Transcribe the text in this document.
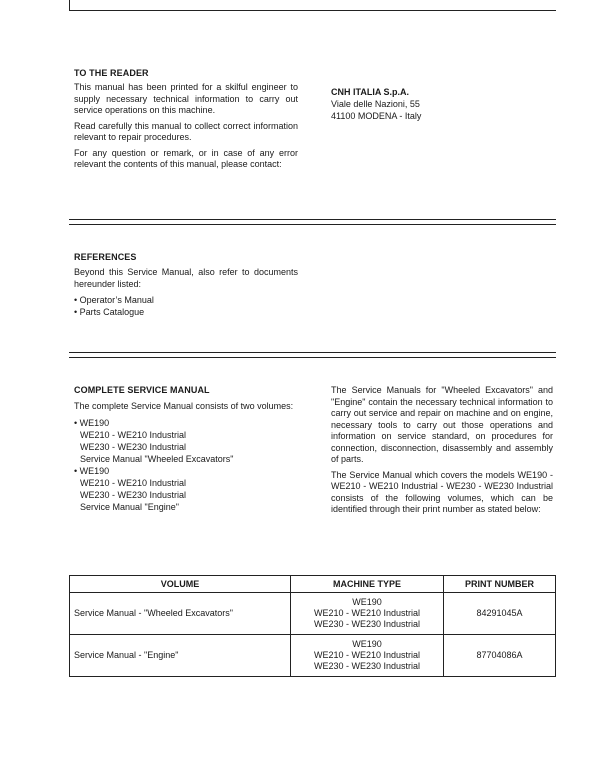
TO THE READER

This manual has been printed for a skilful engineer to supply necessary technical information to carry out service operations on this machine.

Read carefully this manual to collect correct information relevant to repair procedures.

For any question or remark, or in case of any error relevant the contents of this manual, please contact:

CNH ITALIA S.p.A.
Viale delle Nazioni, 55
41100 MODENA - Italy
REFERENCES

Beyond this Service Manual, also refer to documents hereunder listed:

• Operator’s Manual
• Parts Catalogue
COMPLETE SERVICE MANUAL

The complete Service Manual consists of two volumes:

• WE190
WE210 - WE210 Industrial
WE230 - WE230 Industrial
Service Manual "Wheeled Excavators"
• WE190
WE210 - WE210 Industrial
WE230 - WE230 Industrial
Service Manual "Engine"

The Service Manuals for "Wheeled Excavators" and "Engine" contain the necessary technical information to carry out service and repair on machine and on engine, necessary tools to carry out those operations and information on service standard, on procedures for connection, disconnection, disassembly and assembly of parts.

The Service Manual which covers the models WE190 - WE210 - WE210 Industrial - WE230 - WE230 Industrial consists of the following volumes, which can be identified through their print number as stated below:

VOLUME	MACHINE TYPE	PRINT NUMBER
Service Manual - "Wheeled Excavators"	WE190
WE210 - WE210 Industrial
WE230 - WE230 Industrial	84291045A
Service Manual - "Engine"	WE190
WE210 - WE210 Industrial
WE230 - WE230 Industrial	87704086A
